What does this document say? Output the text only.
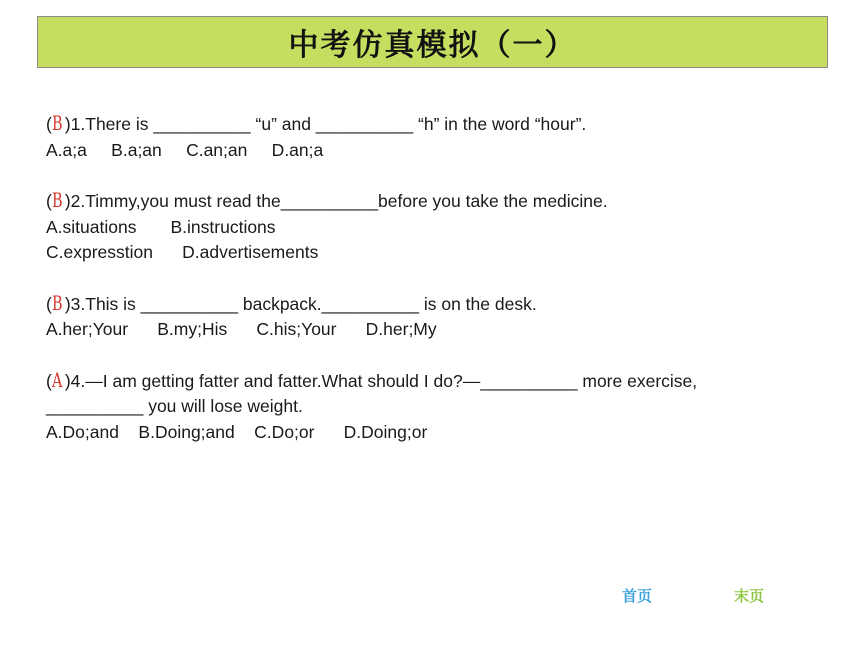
中考仿真模拟（一）
(B )1.There is __________ “u” and __________ “h” in the word “hour”.
A.a;a     B.a;an     C.an;an     D.an;a
(B )2.Timmy,you must read the__________before you take the medicine.
A.situations       B.instructions
C.expresstion      D.advertisements
(B )3.This is __________ backpack.__________ is on the desk.
A.her;Your      B.my;His      C.his;Your      D.her;My
(A )4.—I am getting fatter and fatter.What should I do?—__________ more exercise,
__________ you will lose weight.
A.Do;and    B.Doing;and    C.Do;or      D.Doing;or
首页	末页
